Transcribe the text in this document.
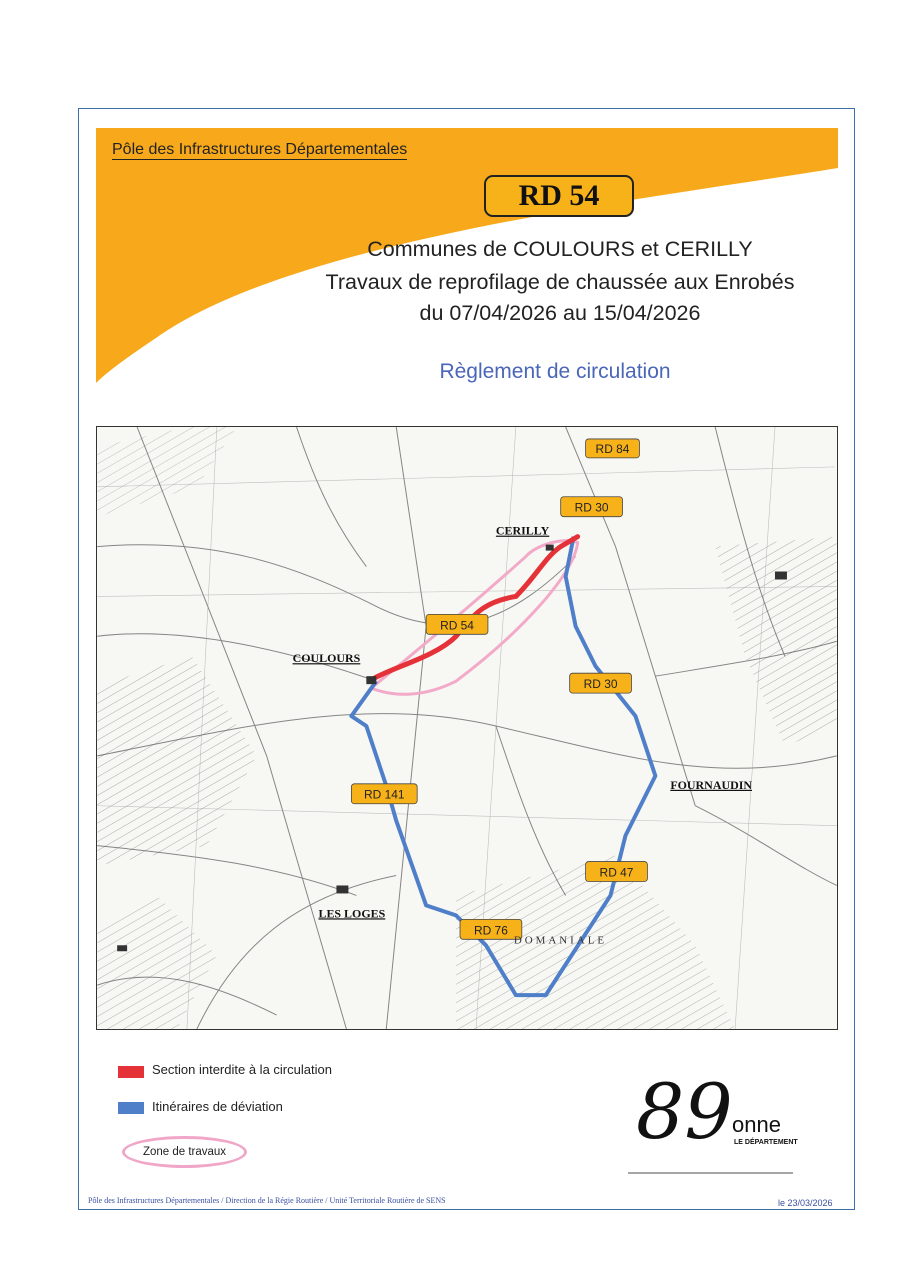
Pôle des Infrastructures Départementales
RD 54
Communes de COULOURS et CERILLY
Travaux de reprofilage de chaussée aux Enrobés
du 07/04/2026 au 15/04/2026
Règlement de circulation
RD 84
RD 30
RD 54
RD 30
RD 141
RD 47
RD 76
CERILLY
COULOURS
FOURNAUDIN
LES LOGES
DOMANIALE
Section interdite à la circulation
Itinéraires de déviation
Zone de travaux	89 onne
LE DÉPARTEMENT
Pôle des Infrastructures Départementales / Direction de la Régie Routière / Unité Territoriale Routière de SENS	le 23/03/2026
